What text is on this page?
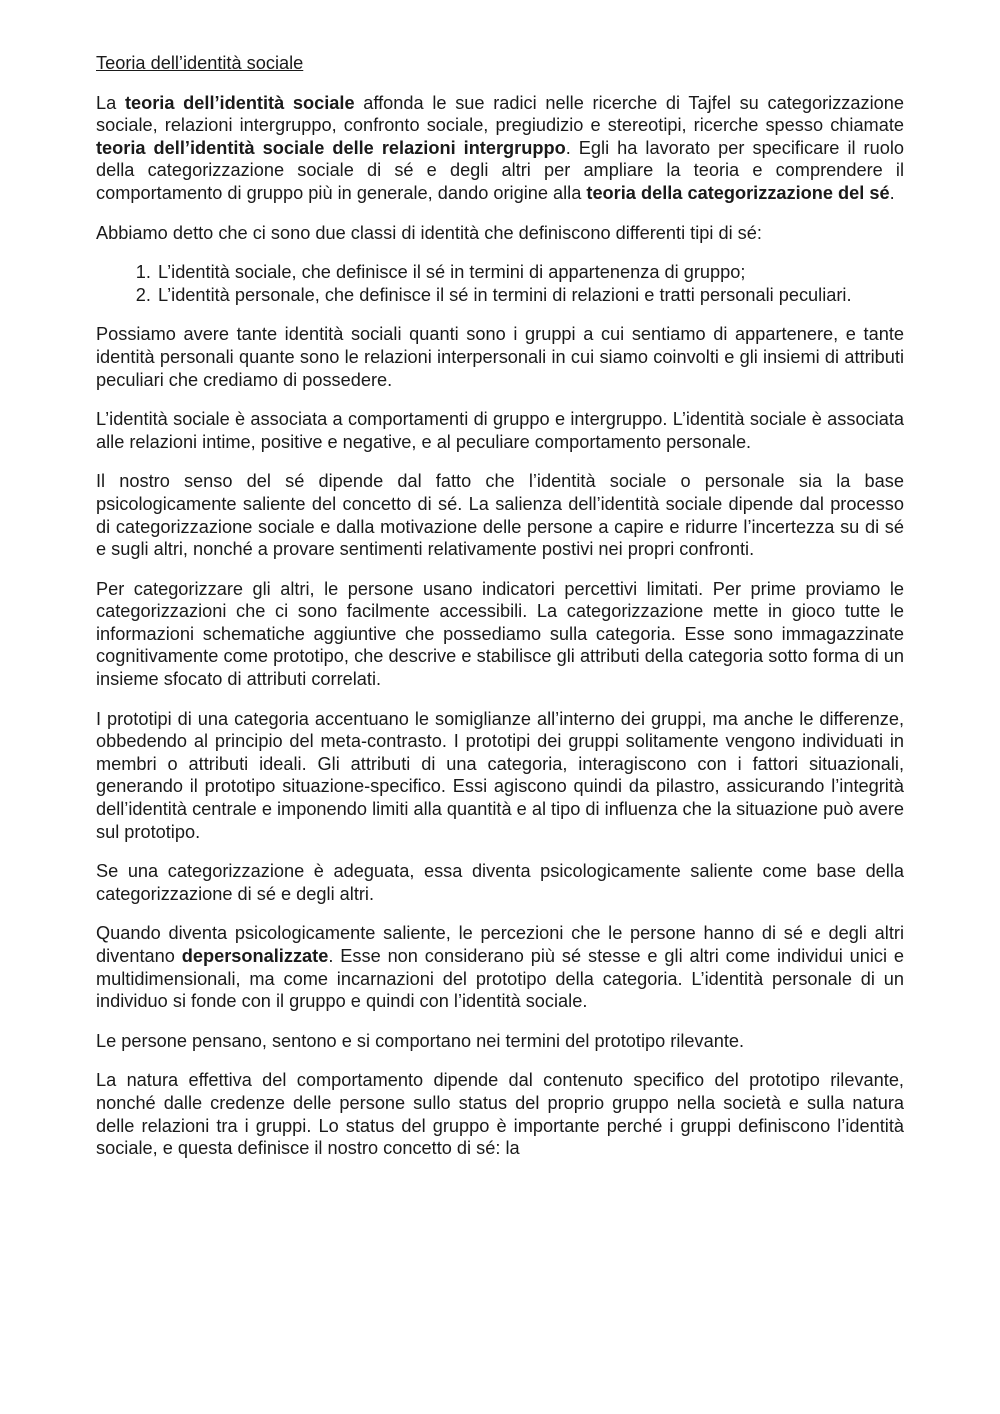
Teoria dell’identità sociale

La teoria dell’identità sociale affonda le sue radici nelle ricerche di Tajfel su categorizzazione sociale, relazioni intergruppo, confronto sociale, pregiudizio e stereotipi, ricerche spesso chiamate teoria dell’identità sociale delle relazioni intergruppo. Egli ha lavorato per specificare il ruolo della categorizzazione sociale di sé e degli altri per ampliare la teoria e comprendere il comportamento di gruppo più in generale, dando origine alla teoria della categorizzazione del sé.

Abbiamo detto che ci sono due classi di identità che definiscono differenti tipi di sé:

1. L’identità sociale, che definisce il sé in termini di appartenenza di gruppo;
2. L’identità personale, che definisce il sé in termini di relazioni e tratti personali peculiari.

Possiamo avere tante identità sociali quanti sono i gruppi a cui sentiamo di appartenere, e tante identità personali quante sono le relazioni interpersonali in cui siamo coinvolti e gli insiemi di attributi peculiari che crediamo di possedere.

L’identità sociale è associata a comportamenti di gruppo e intergruppo. L’identità sociale è associata alle relazioni intime, positive e negative, e al peculiare comportamento personale.

Il nostro senso del sé dipende dal fatto che l’identità sociale o personale sia la base psicologicamente saliente del concetto di sé. La salienza dell’identità sociale dipende dal processo di categorizzazione sociale e dalla motivazione delle persone a capire e ridurre l’incertezza su di sé e sugli altri, nonché a provare sentimenti relativamente postivi nei propri confronti.

Per categorizzare gli altri, le persone usano indicatori percettivi limitati. Per prime proviamo le categorizzazioni che ci sono facilmente accessibili. La categorizzazione mette in gioco tutte le informazioni schematiche aggiuntive che possediamo sulla categoria. Esse sono immagazzinate cognitivamente come prototipo, che descrive e stabilisce gli attributi della categoria sotto forma di un insieme sfocato di attributi correlati.

I prototipi di una categoria accentuano le somiglianze all’interno dei gruppi, ma anche le differenze, obbedendo al principio del meta-contrasto. I prototipi dei gruppi solitamente vengono individuati in membri o attributi ideali. Gli attributi di una categoria, interagiscono con i fattori situazionali, generando il prototipo situazione-specifico. Essi agiscono quindi da pilastro, assicurando l’integrità dell’identità centrale e imponendo limiti alla quantità e al tipo di influenza che la situazione può avere sul prototipo.

Se una categorizzazione è adeguata, essa diventa psicologicamente saliente come base della categorizzazione di sé e degli altri.

Quando diventa psicologicamente saliente, le percezioni che le persone hanno di sé e degli altri diventano depersonalizzate. Esse non considerano più sé stesse e gli altri come individui unici e multidimensionali, ma come incarnazioni del prototipo della categoria. L’identità personale di un individuo si fonde con il gruppo e quindi con l’identità sociale.

Le persone pensano, sentono e si comportano nei termini del prototipo rilevante.

La natura effettiva del comportamento dipende dal contenuto specifico del prototipo rilevante, nonché dalle credenze delle persone sullo status del proprio gruppo nella società e sulla natura delle relazioni tra i gruppi. Lo status del gruppo è importante perché i gruppi definiscono l’identità sociale, e questa definisce il nostro concetto di sé: la
